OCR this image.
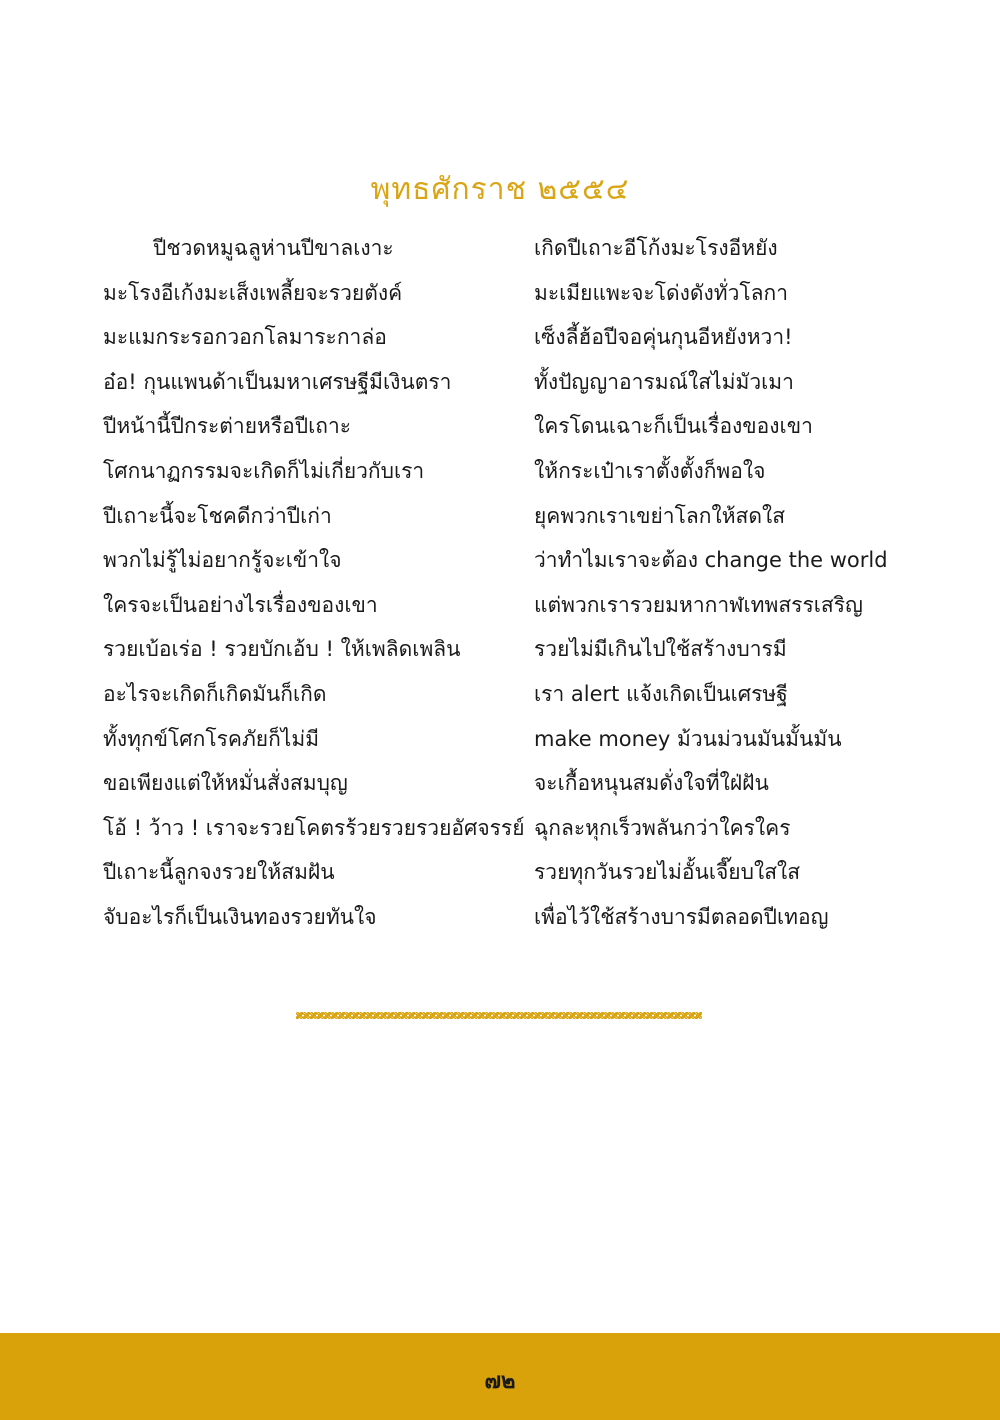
พุทธศักราช ๒๕๕๔
ปีชวดหมูฉลูห่านปีขาลเงาะ
มะโรงอีเก้งมะเส็งเพลี้ยจะรวยตังค์
มะแมกระรอกวอกโลมาระกาล่อ
อ๋อ! กุนแพนด้าเป็นมหาเศรษฐีมีเงินตรา
ปีหน้านี้ปีกระต่ายหรือปีเถาะ
โศกนาฏกรรมจะเกิดก็ไม่เกี่ยวกับเรา
ปีเถาะนี้จะโชคดีกว่าปีเก่า
พวกไม่รู้ไม่อยากรู้จะเข้าใจ
ใครจะเป็นอย่างไรเรื่องของเขา
รวยเบ้อเร่อ ! รวยบักเอ้บ ! ให้เพลิดเพลิน
อะไรจะเกิดก็เกิดมันก็เกิด
ทั้งทุกข์โศกโรคภัยก็ไม่มี
ขอเพียงแต่ให้หมั่นสั่งสมบุญ
โอ้ ! ว้าว ! เราจะรวยโคตรร้วยรวยรวยอัศจรรย์
ปีเถาะนี้ลูกจงรวยให้สมฝัน
จับอะไรก็เป็นเงินทองรวยทันใจ
เกิดปีเถาะอีโก้งมะโรงอีหยัง
มะเมียแพะจะโด่งดังทั่วโลกา
เซ็งลี้ฮ้อปีจอคุ่นกุนอีหยังหวา!
ทั้งปัญญาอารมณ์ใสไม่มัวเมา
ใครโดนเฉาะก็เป็นเรื่องของเขา
ให้กระเป๋าเราตั้งตั้งก็พอใจ
ยุคพวกเราเขย่าโลกให้สดใส
ว่าทำไมเราจะต้อง change the world
แต่พวกเรารวยมหากาฬเทพสรรเสริญ
รวยไม่มีเกินไปใช้สร้างบารมี
เรา alert แจ้งเกิดเป็นเศรษฐี
make money ม้วนม่วนมันมั้นมัน
จะเกื้อหนุนสมดั่งใจที่ใฝ่ฝัน
ฉุกละหุกเร็วพลันกว่าใครใคร
รวยทุกวันรวยไม่อั้นเจี๊ยบใสใส
เพื่อไว้ใช้สร้างบารมีตลอดปีเทอญ
๗๒
